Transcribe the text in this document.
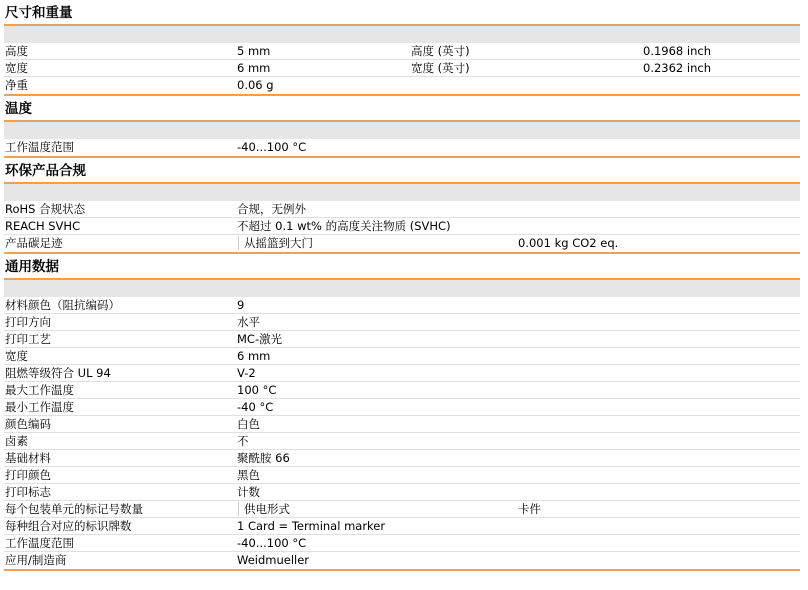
尺寸和重量
高度	5 mm	高度 (英寸)	0.1968 inch
宽度	6 mm	宽度 (英寸)	0.2362 inch
净重	0.06 g
温度
工作温度范围	-40...100 °C
环保产品合规
RoHS 合规状态	合规，无例外
REACH SVHC	不超过 0.1 wt% 的高度关注物质 (SVHC)
产品碳足迹	从摇篮到大门	0.001 kg CO2 eq.
通用数据
材料颜色（阻抗编码）	9
打印方向	水平
打印工艺	MC-激光
宽度	6 mm
阻燃等级符合 UL 94	V-2
最大工作温度	100 °C
最小工作温度	-40 °C
颜色编码	白色
卤素	不
基础材料	聚酰胺 66
打印颜色	黑色
打印标志	计数
每个包装单元的标记号数量	供电形式	卡件
每种组合对应的标识牌数	1 Card = Terminal marker
工作温度范围	-40...100 °C
应用/制造商	Weidmueller
